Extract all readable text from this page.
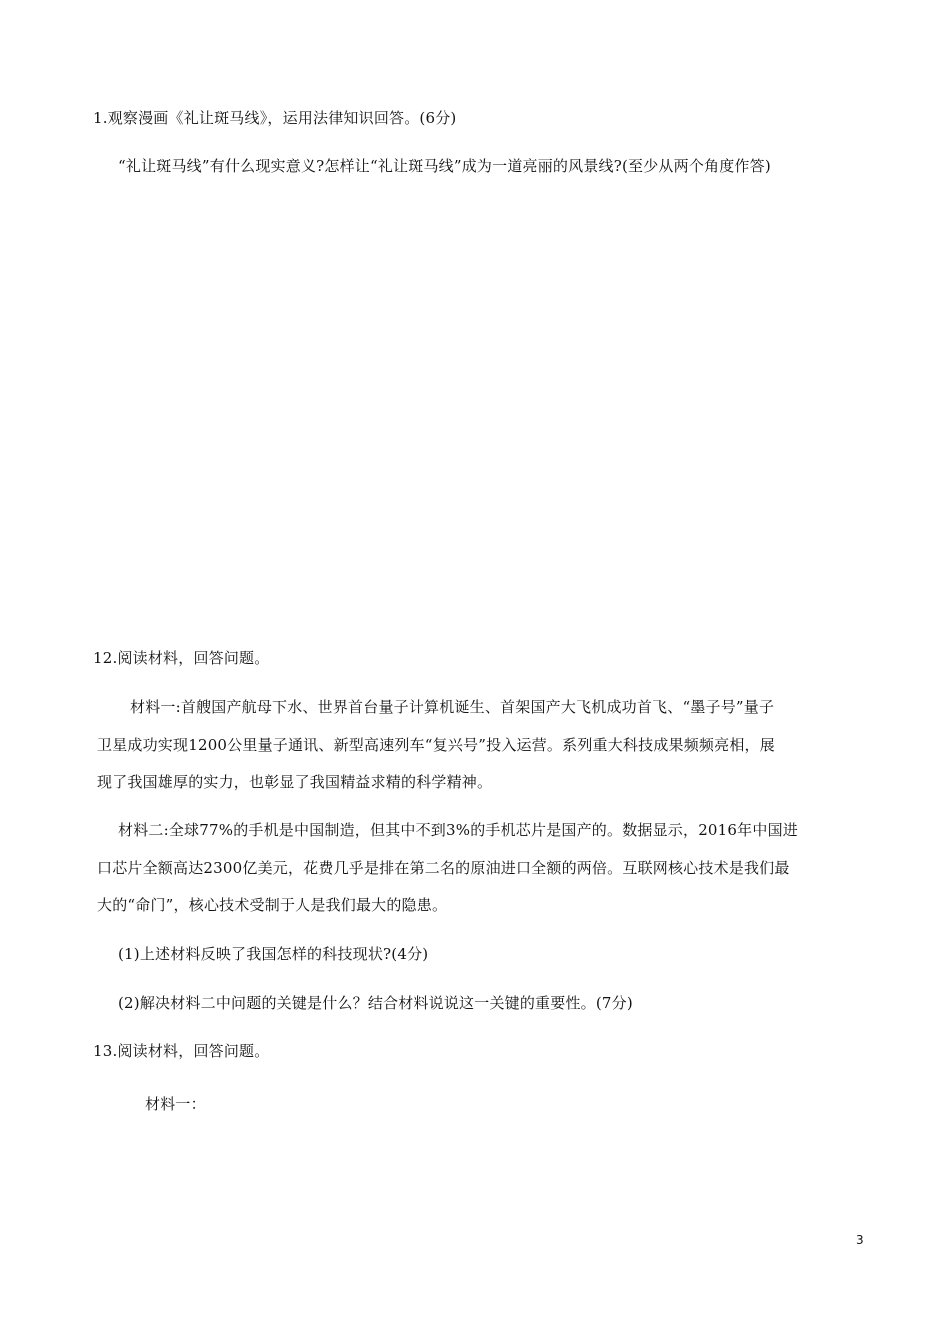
1.观察漫画《礼让斑马线》，运用法律知识回答。(6分)
“礼让斑马线”有什么现实意义?怎样让“礼让斑马线”成为一道亮丽的风景线?(至少从两个角度作答)
12.阅读材料，回答问题。
材料一:首艘国产航母下水、世界首台量子计算机诞生、首架国产大飞机成功首飞、“墨子号”量子
卫星成功实现1200公里量子通讯、新型高速列车“复兴号”投入运营。系列重大科技成果频频亮相，展
现了我国雄厚的实力，也彰显了我国精益求精的科学精神。
材料二:全球77%的手机是中国制造，但其中不到3%的手机芯片是国产的。数据显示，2016年中国进
口芯片全额高达2300亿美元，花费几乎是排在第二名的原油进口全额的两倍。互联网核心技术是我们最
大的“命门”，核心技术受制于人是我们最大的隐患。
(1)上述材料反映了我国怎样的科技现状?(4分)
(2)解决材料二中问题的关键是什么？结合材料说说这一关键的重要性。(7分)
13.阅读材料，回答问题。
材料一：
3
